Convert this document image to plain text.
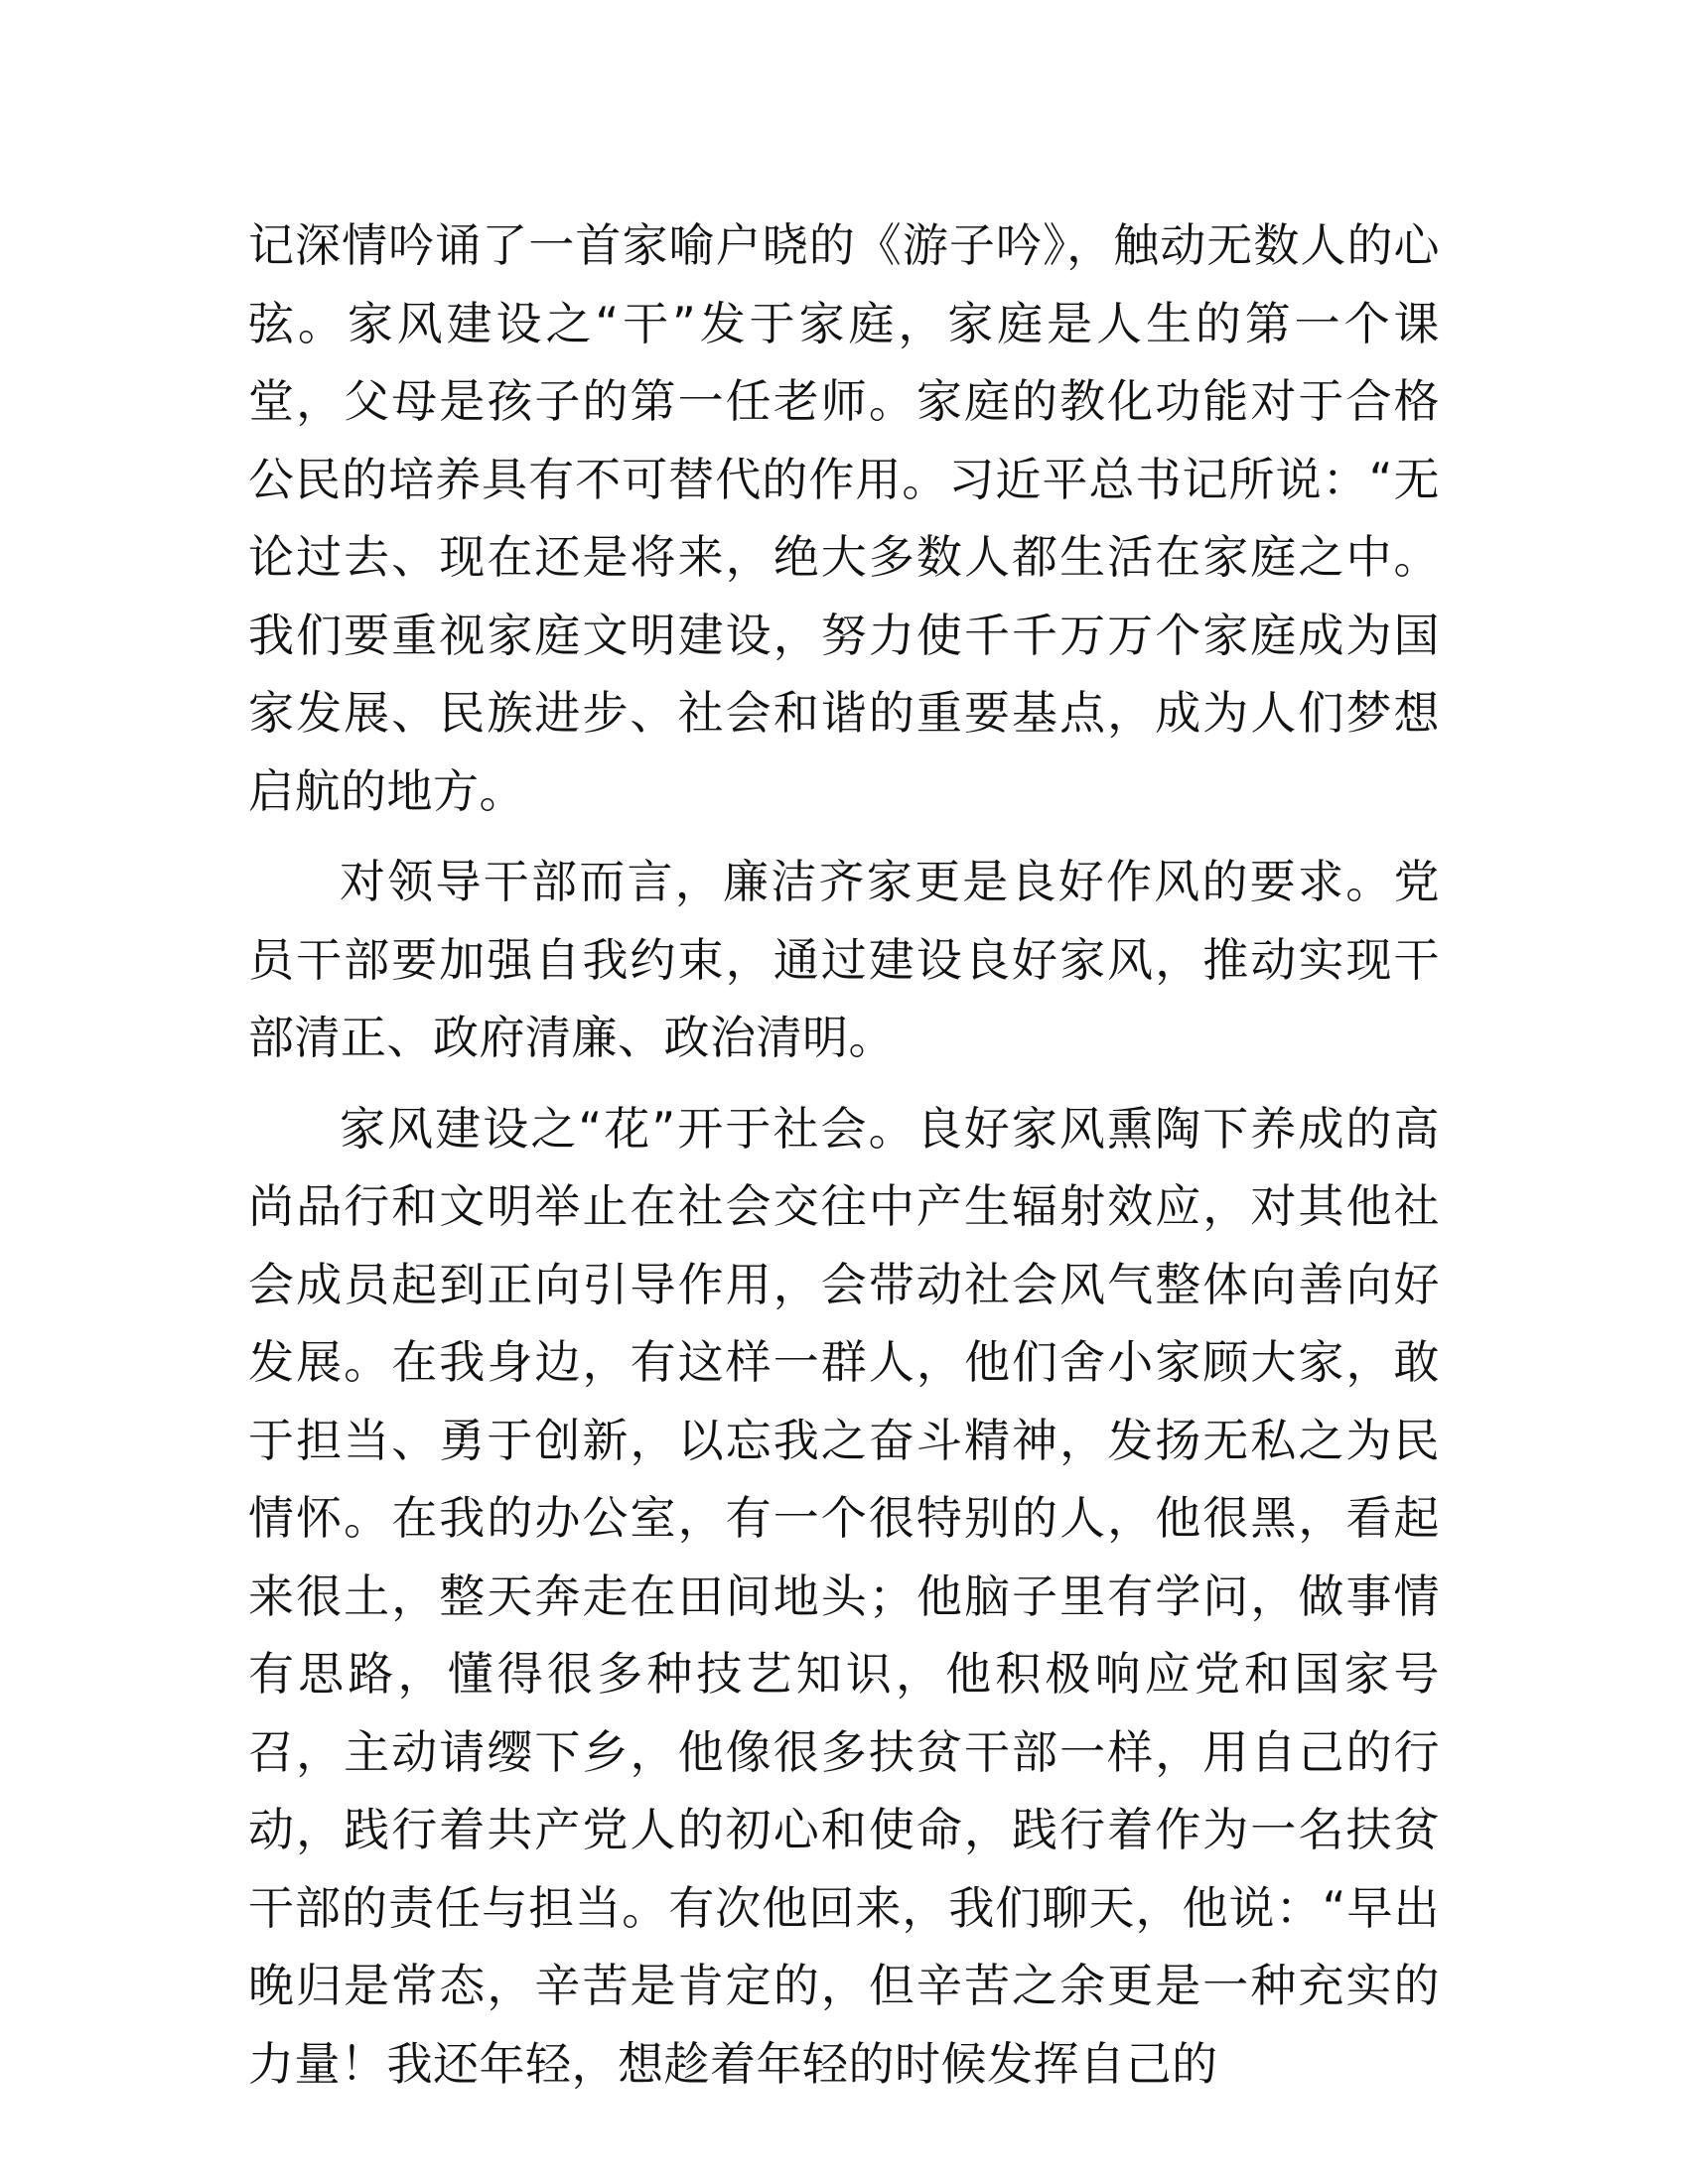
记深情吟诵了一首家喻户晓的《游子吟》，触动无数人的心弦。家风建设之“干”发于家庭，家庭是人生的第一个课堂，父母是孩子的第一任老师。家庭的教化功能对于合格公民的培养具有不可替代的作用。习近平总书记所说：“无论过去、现在还是将来，绝大多数人都生活在家庭之中。我们要重视家庭文明建设，努力使千千万万个家庭成为国家发展、民族进步、社会和谐的重要基点，成为人们梦想启航的地方。

对领导干部而言，廉洁齐家更是良好作风的要求。党员干部要加强自我约束，通过建设良好家风，推动实现干部清正、政府清廉、政治清明。

家风建设之“花”开于社会。良好家风熏陶下养成的高尚品行和文明举止在社会交往中产生辐射效应，对其他社会成员起到正向引导作用，会带动社会风气整体向善向好发展。在我身边，有这样一群人，他们舍小家顾大家，敢于担当、勇于创新，以忘我之奋斗精神，发扬无私之为民情怀。在我的办公室，有一个很特别的人，他很黑，看起来很土，整天奔走在田间地头；他脑子里有学问，做事情有思路，懂得很多种技艺知识，他积极响应党和国家号召，主动请缨下乡，他像很多扶贫干部一样，用自己的行动，践行着共产党人的初心和使命，践行着作为一名扶贫干部的责任与担当。有次他回来，我们聊天，他说：“早出晚归是常态，辛苦是肯定的，但辛苦之余更是一种充实的力量！我还年轻，想趁着年轻的时候发挥自己的
